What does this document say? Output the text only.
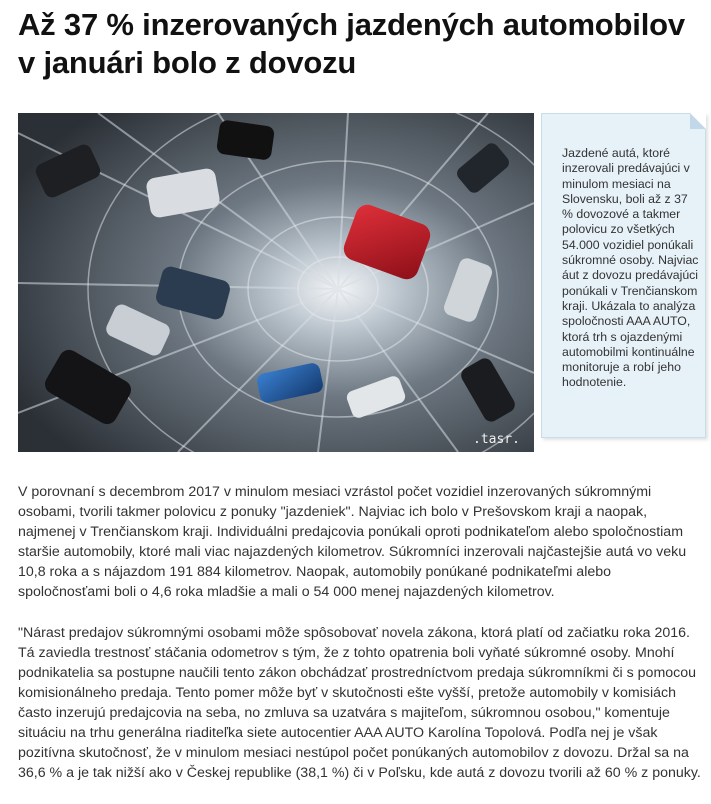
Až 37 % inzerovaných jazdených automobilov v januári bolo z dovozu
.tasr.

Jazdené autá, ktoré inzerovali predávajúci v minulom mesiaci na Slovensku, boli až z 37 % dovozové a takmer polovicu zo všetkých 54.000 vozidiel ponúkali súkromné osoby. Najviac áut z dovozu predávajúci ponúkali v Trenčianskom kraji. Ukázala to analýza spoločnosti AAA AUTO, ktorá trh s ojazdenými automobilmi kontinuálne monitoruje a robí jeho hodnotenie.

V porovnaní s decembrom 2017 v minulom mesiaci vzrástol počet vozidiel inzerovaných súkromnými osobami, tvorili takmer polovicu z ponuky "jazdeniek". Najviac ich bolo v Prešovskom kraji a naopak, najmenej v Trenčianskom kraji. Individuálni predajcovia ponúkali oproti podnikateľom alebo spoločnostiam staršie automobily, ktoré mali viac najazdených kilometrov. Súkromníci inzerovali najčastejšie autá vo veku 10,8 roka a s nájazdom 191 884 kilometrov. Naopak, automobily ponúkané podnikateľmi alebo spoločnosťami boli o 4,6 roka mladšie a mali o 54 000 menej najazdených kilometrov.

"Nárast predajov súkromnými osobami môže spôsobovať novela zákona, ktorá platí od začiatku roka 2016. Tá zaviedla trestnosť stáčania odometrov s tým, že z tohto opatrenia boli vyňaté súkromné osoby. Mnohí podnikatelia sa postupne naučili tento zákon obchádzať prostredníctvom predaja súkromníkmi či s pomocou komisionálneho predaja. Tento pomer môže byť v skutočnosti ešte vyšší, pretože automobily v komisiách často inzerujú predajcovia na seba, no zmluva sa uzatvára s majiteľom, súkromnou osobou," komentuje situáciu na trhu generálna riaditeľka siete autocentier AAA AUTO Karolína Topolová. Podľa nej je však pozitívna skutočnosť, že v minulom mesiaci nestúpol počet ponúkaných automobilov z dovozu. Držal sa na 36,6 % a je tak nižší ako v Českej republike (38,1 %) či v Poľsku, kde autá z dovozu tvorili až 60 % z ponuky.
